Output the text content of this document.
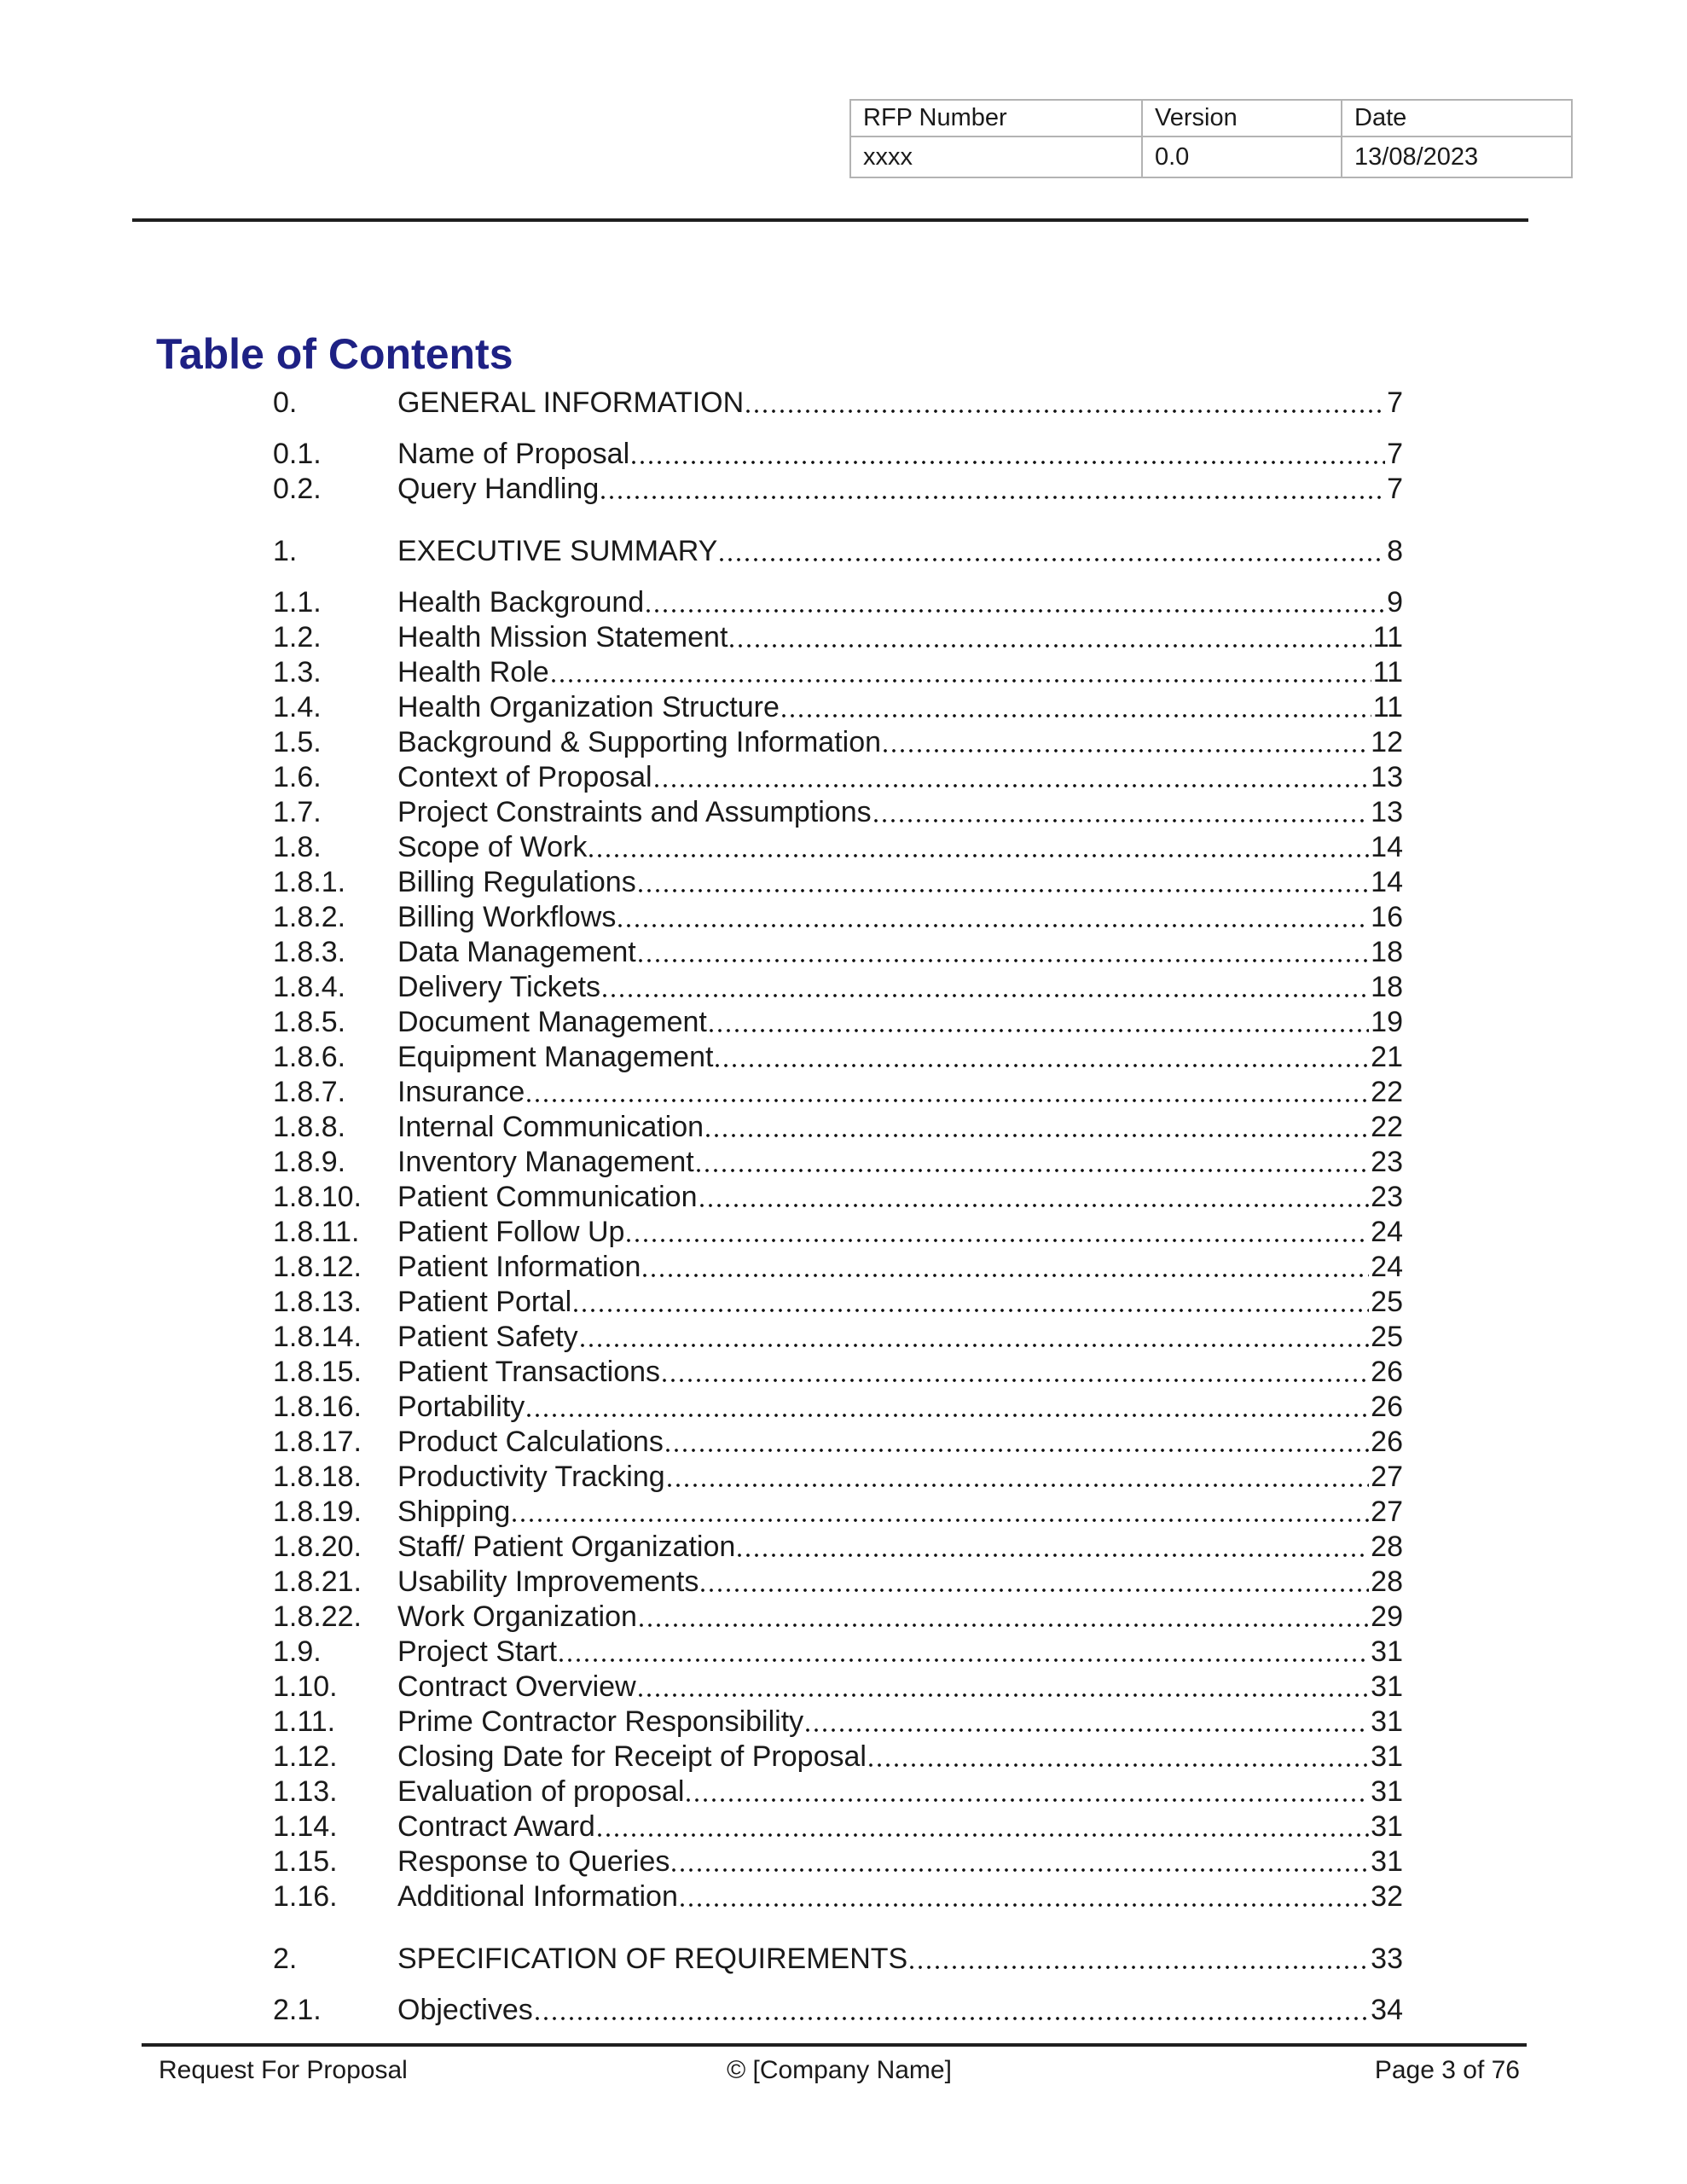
RFP Number	Version	Date
xxxx	0.0	13/08/2023
Table of Contents
0.	GENERAL INFORMATION	7
0.1.	Name of Proposal	7
0.2.	Query Handling	7
1.	EXECUTIVE SUMMARY	8
1.1.	Health Background	9
1.2.	Health Mission Statement	11
1.3.	Health Role	11
1.4.	Health Organization Structure	11
1.5.	Background & Supporting Information	12
1.6.	Context of Proposal	13
1.7.	Project Constraints and Assumptions	13
1.8.	Scope of Work	14
1.8.1.	Billing Regulations	14
1.8.2.	Billing Workflows	16
1.8.3.	Data Management	18
1.8.4.	Delivery Tickets	18
1.8.5.	Document Management	19
1.8.6.	Equipment Management	21
1.8.7.	Insurance	22
1.8.8.	Internal Communication	22
1.8.9.	Inventory Management	23
1.8.10.	Patient Communication	23
1.8.11.	Patient Follow Up	24
1.8.12.	Patient Information	24
1.8.13.	Patient Portal	25
1.8.14.	Patient Safety	25
1.8.15.	Patient Transactions	26
1.8.16.	Portability	26
1.8.17.	Product Calculations	26
1.8.18.	Productivity Tracking	27
1.8.19.	Shipping	27
1.8.20.	Staff/ Patient Organization	28
1.8.21.	Usability Improvements	28
1.8.22.	Work Organization	29
1.9.	Project Start	31
1.10.	Contract Overview	31
1.11.	Prime Contractor Responsibility	31
1.12.	Closing Date for Receipt of Proposal	31
1.13.	Evaluation of proposal	31
1.14.	Contract Award	31
1.15.	Response to Queries	31
1.16.	Additional Information	32
2.	SPECIFICATION OF REQUIREMENTS	33
2.1.	Objectives	34
Request For Proposal	© [Company Name]	Page 3 of 76
